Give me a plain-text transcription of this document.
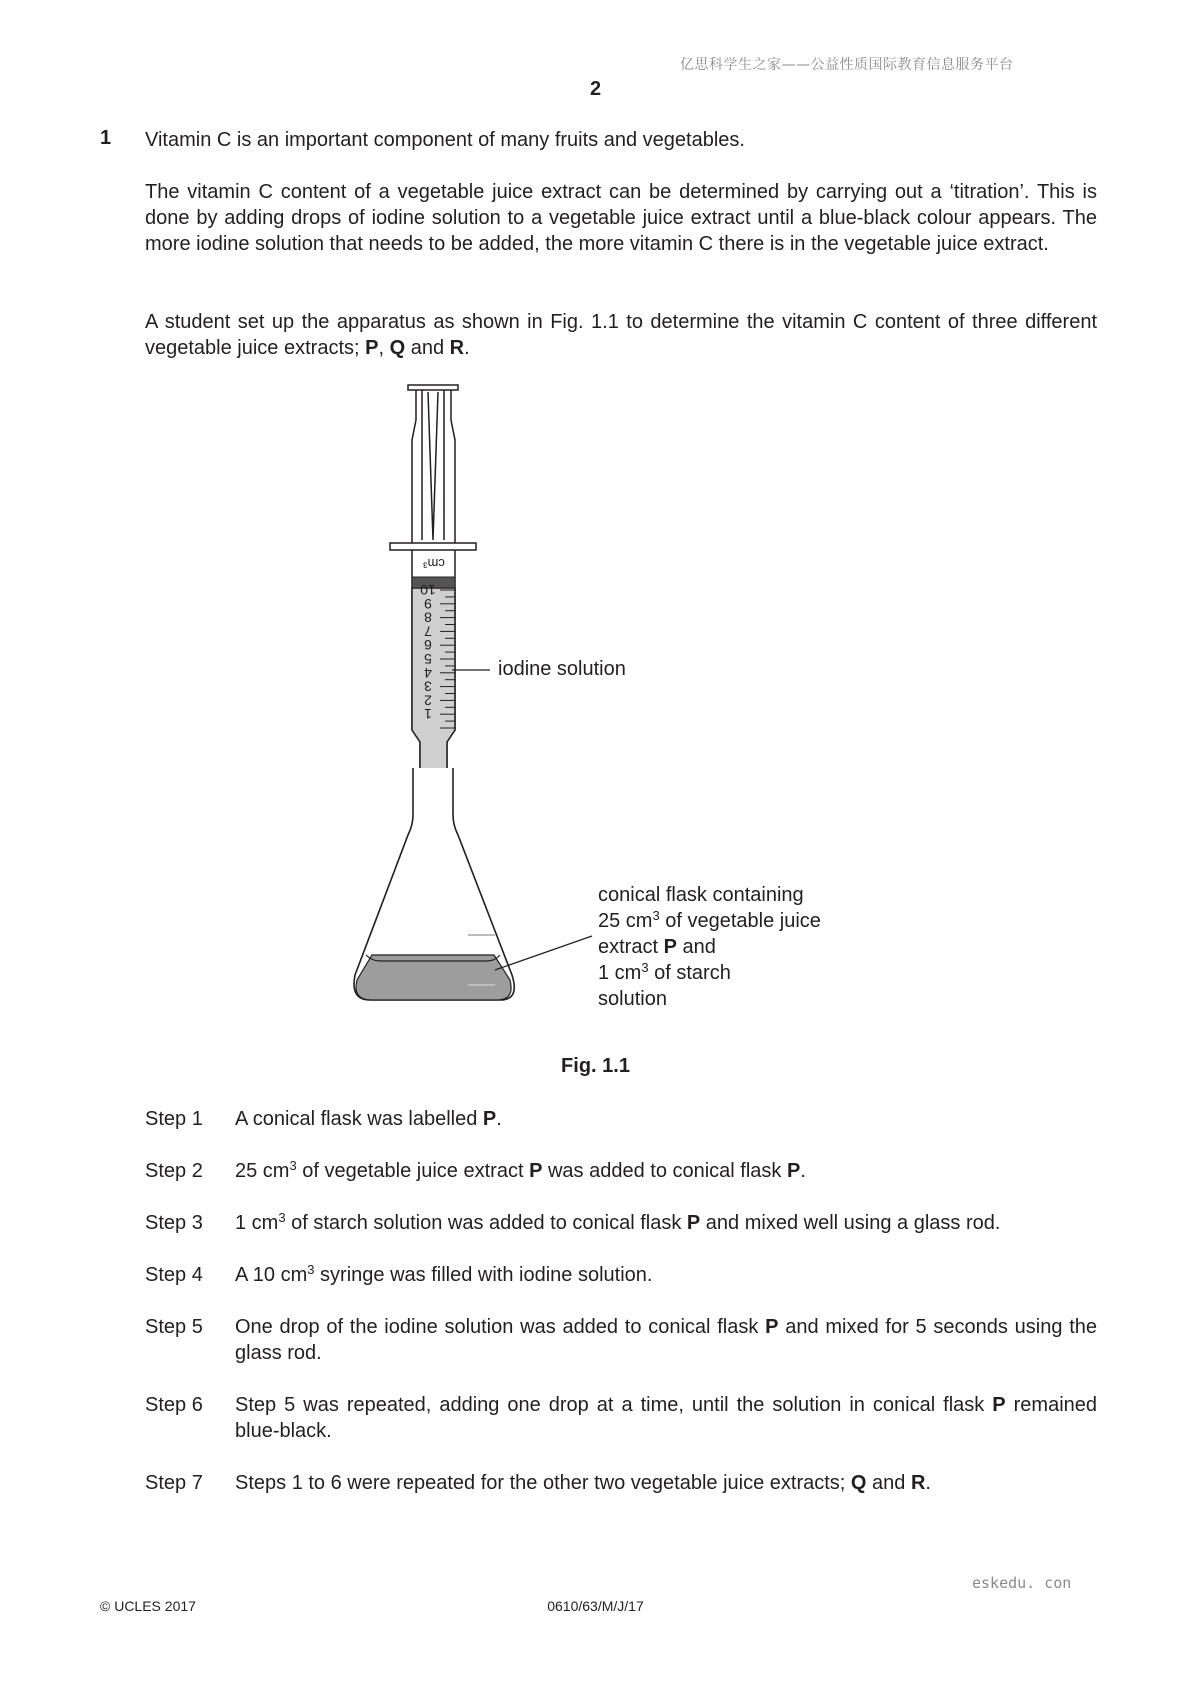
亿思科学生之家——公益性质国际教育信息服务平台
2
1 Vitamin C is an important component of many fruits and vegetables.

The vitamin C content of a vegetable juice extract can be determined by carrying out a ‘titration’. This is done by adding drops of iodine solution to a vegetable juice extract until a blue-black colour appears. The more iodine solution that needs to be added, the more vitamin C there is in the vegetable juice extract.

A student set up the apparatus as shown in Fig. 1.1 to determine the vitamin C content of three different vegetable juice extracts; P, Q and R.

10
9
8
7
6
5
4
3
2
1
cm³
iodine solution
conical flask containing
25 $cm^3$ of vegetable juice
extract P and
1 $cm^3$ of starch
solution
Fig. 1.1
Step 1	A conical flask was labelled P.
Step 2	25 $cm^3$ of vegetable juice extract P was added to conical flask P.
Step 3	1 $cm^3$ of starch solution was added to conical flask P and mixed well using a glass rod.
Step 4	A 10 $cm^3$ syringe was filled with iodine solution.
Step 5	One drop of the iodine solution was added to conical flask P and mixed for 5 seconds using the glass rod.
Step 6	Step 5 was repeated, adding one drop at a time, until the solution in conical flask P remained blue-black.
Step 7	Steps 1 to 6 were repeated for the other two vegetable juice extracts; Q and R.
eskedu. con
© UCLES 2017	0610/63/M/J/17
